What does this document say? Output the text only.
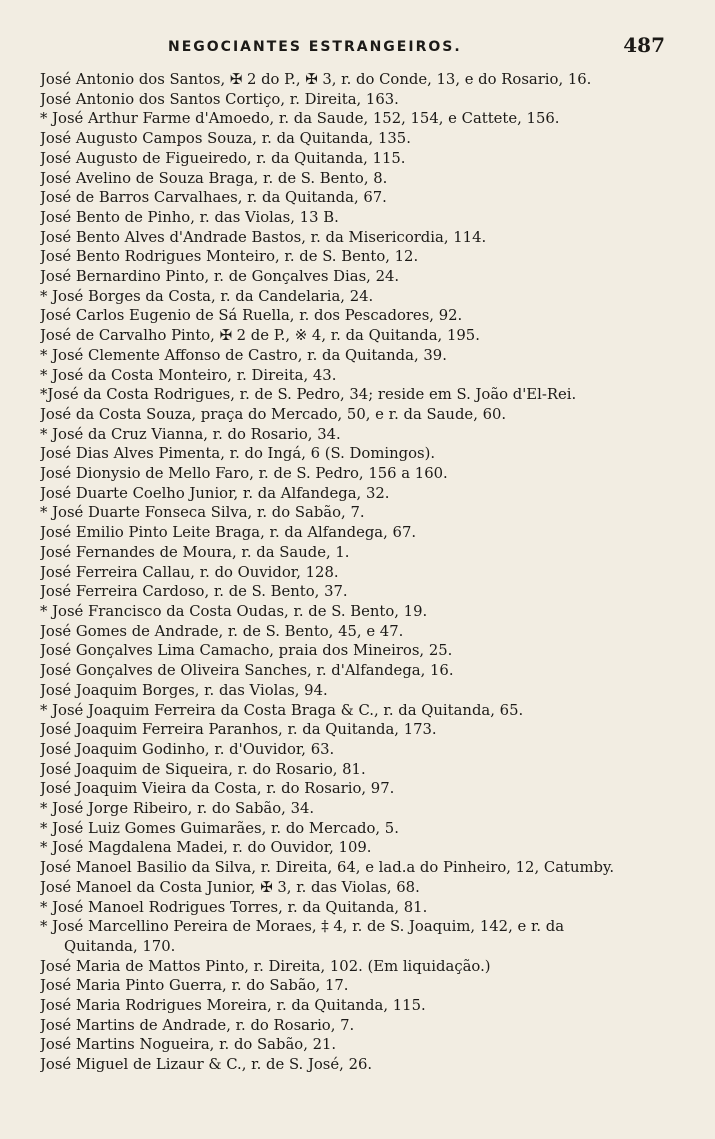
NEGOCIANTES ESTRANGEIROS.	487
José Antonio dos Santos, ✠ 2 do P., ✠ 3, r. do Conde, 13, e do Rosario, 16.
José Antonio dos Santos Cortiço, r. Direita, 163.
* José Arthur Farme d'Amoedo, r. da Saude, 152, 154, e Cattete, 156.
José Augusto Campos Souza, r. da Quitanda, 135.
José Augusto de Figueiredo, r. da Quitanda, 115.
José Avelino de Souza Braga, r. de S. Bento, 8.
José de Barros Carvalhaes, r. da Quitanda, 67.
José Bento de Pinho, r. das Violas, 13 B.
José Bento Alves d'Andrade Bastos, r. da Misericordia, 114.
José Bento Rodrigues Monteiro, r. de S. Bento, 12.
José Bernardino Pinto, r. de Gonçalves Dias, 24.
* José Borges da Costa, r. da Candelaria, 24.
José Carlos Eugenio de Sá Ruella, r. dos Pescadores, 92.
José de Carvalho Pinto, ✠ 2 de P., ※ 4, r. da Quitanda, 195.
* José Clemente Affonso de Castro, r. da Quitanda, 39.
* José da Costa Monteiro, r. Direita, 43.
*José da Costa Rodrigues, r. de S. Pedro, 34; reside em S. João d'El-Rei.
José da Costa Souza, praça do Mercado, 50, e r. da Saude, 60.
* José da Cruz Vianna, r. do Rosario, 34.
José Dias Alves Pimenta, r. do Ingá, 6 (S. Domingos).
José Dionysio de Mello Faro, r. de S. Pedro, 156 a 160.
José Duarte Coelho Junior, r. da Alfandega, 32.
* José Duarte Fonseca Silva, r. do Sabão, 7.
José Emilio Pinto Leite Braga, r. da Alfandega, 67.
José Fernandes de Moura, r. da Saude, 1.
José Ferreira Callau, r. do Ouvidor, 128.
José Ferreira Cardoso, r. de S. Bento, 37.
* José Francisco da Costa Oudas, r. de S. Bento, 19.
José Gomes de Andrade, r. de S. Bento, 45, e 47.
José Gonçalves Lima Camacho, praia dos Mineiros, 25.
José Gonçalves de Oliveira Sanches, r. d'Alfandega, 16.
José Joaquim Borges, r. das Violas, 94.
* José Joaquim Ferreira da Costa Braga & C., r. da Quitanda, 65.
José Joaquim Ferreira Paranhos, r. da Quitanda, 173.
José Joaquim Godinho, r. d'Ouvidor, 63.
José Joaquim de Siqueira, r. do Rosario, 81.
José Joaquim Vieira da Costa, r. do Rosario, 97.
* José Jorge Ribeiro, r. do Sabão, 34.
* José Luiz Gomes Guimarães, r. do Mercado, 5.
* José Magdalena Madei, r. do Ouvidor, 109.
José Manoel Basilio da Silva, r. Direita, 64, e lad.a do Pinheiro, 12, Catumby.
José Manoel da Costa Junior, ✠ 3, r. das Violas, 68.
* José Manoel Rodrigues Torres, r. da Quitanda, 81.
* José Marcellino Pereira de Moraes, ‡ 4, r. de S. Joaquim, 142, e r. da
Quitanda, 170.
José Maria de Mattos Pinto, r. Direita, 102. (Em liquidação.)
José Maria Pinto Guerra, r. do Sabão, 17.
José Maria Rodrigues Moreira, r. da Quitanda, 115.
José Martins de Andrade, r. do Rosario, 7.
José Martins Nogueira, r. do Sabão, 21.
José Miguel de Lizaur & C., r. de S. José, 26.
